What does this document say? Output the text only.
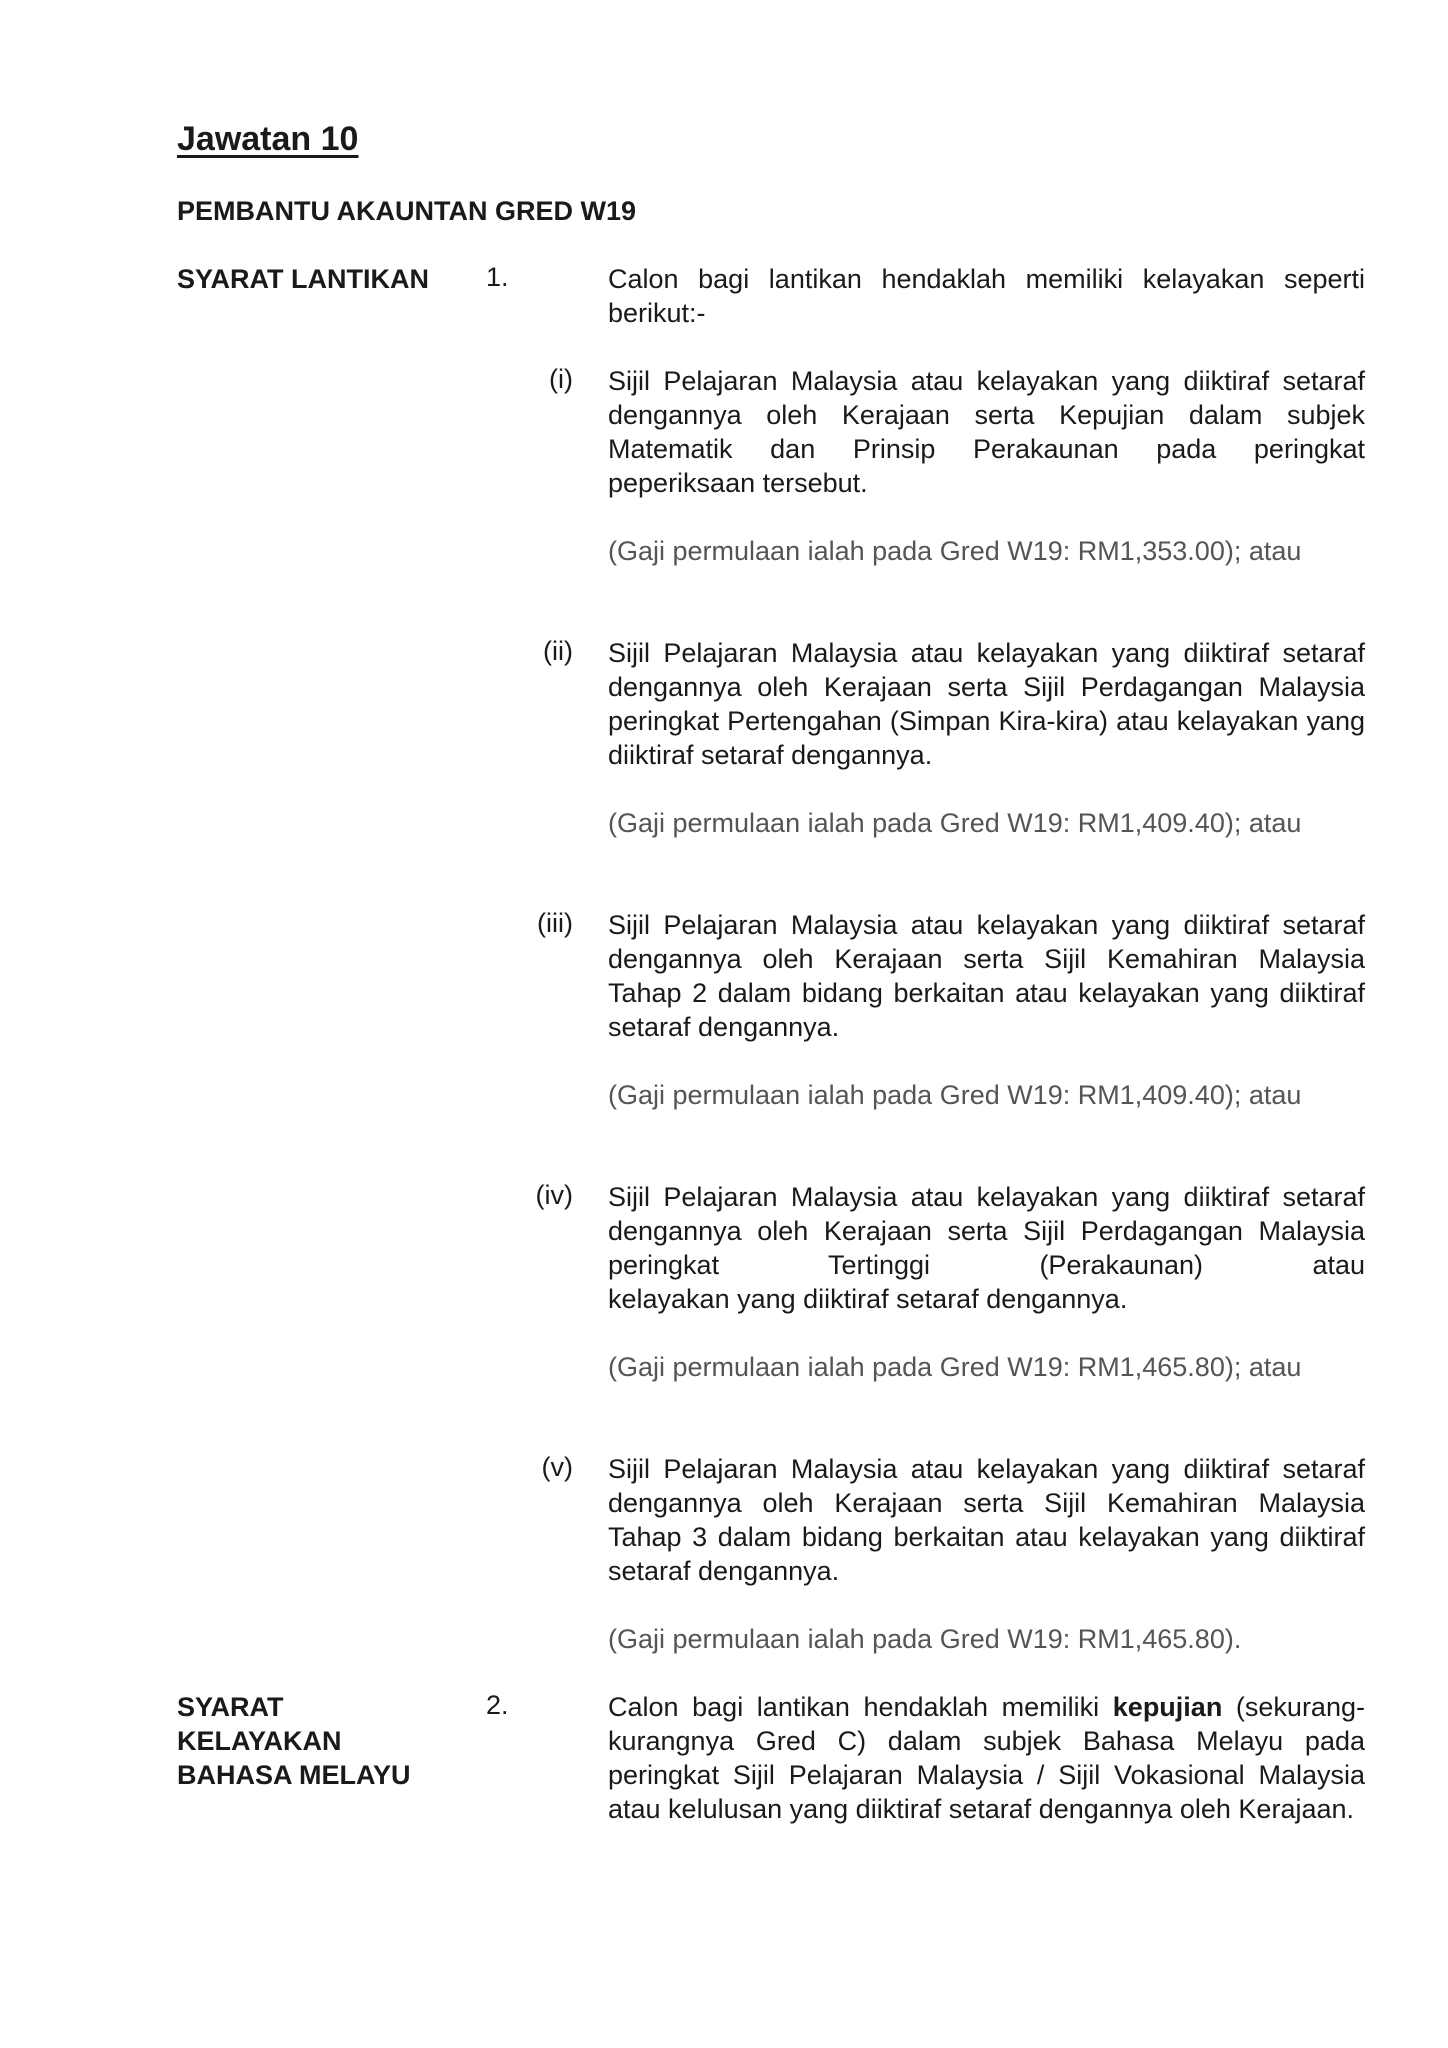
Jawatan 10
PEMBANTU AKAUNTAN GRED W19
SYARAT LANTIKAN 1.	Calon bagi lantikan hendaklah memiliki kelayakan seperti berikut:-
(i) Sijil Pelajaran Malaysia atau kelayakan yang diiktiraf setaraf dengannya oleh Kerajaan serta Kepujian dalam subjek Matematik dan Prinsip Perakaunan pada peringkat peperiksaan tersebut.
(Gaji permulaan ialah pada Gred W19: RM1,353.00); atau
(ii) Sijil Pelajaran Malaysia atau kelayakan yang diiktiraf setaraf dengannya oleh Kerajaan serta Sijil Perdagangan Malaysia peringkat Pertengahan (Simpan Kira-kira) atau kelayakan yang diiktiraf setaraf dengannya.
(Gaji permulaan ialah pada Gred W19: RM1,409.40); atau
(iii) Sijil Pelajaran Malaysia atau kelayakan yang diiktiraf setaraf dengannya oleh Kerajaan serta Sijil Kemahiran Malaysia Tahap 2 dalam bidang berkaitan atau kelayakan yang diiktiraf setaraf dengannya.
(Gaji permulaan ialah pada Gred W19: RM1,409.40); atau
(iv) Sijil Pelajaran Malaysia atau kelayakan yang diiktiraf setaraf dengannya oleh Kerajaan serta Sijil Perdagangan Malaysia peringkat Tertinggi (Perakaunan) atau
kelayakan yang diiktiraf setaraf dengannya.
(Gaji permulaan ialah pada Gred W19: RM1,465.80); atau
(v) Sijil Pelajaran Malaysia atau kelayakan yang diiktiraf setaraf dengannya oleh Kerajaan serta Sijil Kemahiran Malaysia Tahap 3 dalam bidang berkaitan atau kelayakan yang diiktiraf setaraf dengannya.
(Gaji permulaan ialah pada Gred W19: RM1,465.80).
SYARAT
KELAYAKAN
BAHASA MELAYU
2.	Calon bagi lantikan hendaklah memiliki kepujian (sekurang-kurangnya Gred C) dalam subjek Bahasa Melayu pada peringkat Sijil Pelajaran Malaysia / Sijil Vokasional Malaysia atau kelulusan yang diiktiraf setaraf dengannya oleh Kerajaan.
